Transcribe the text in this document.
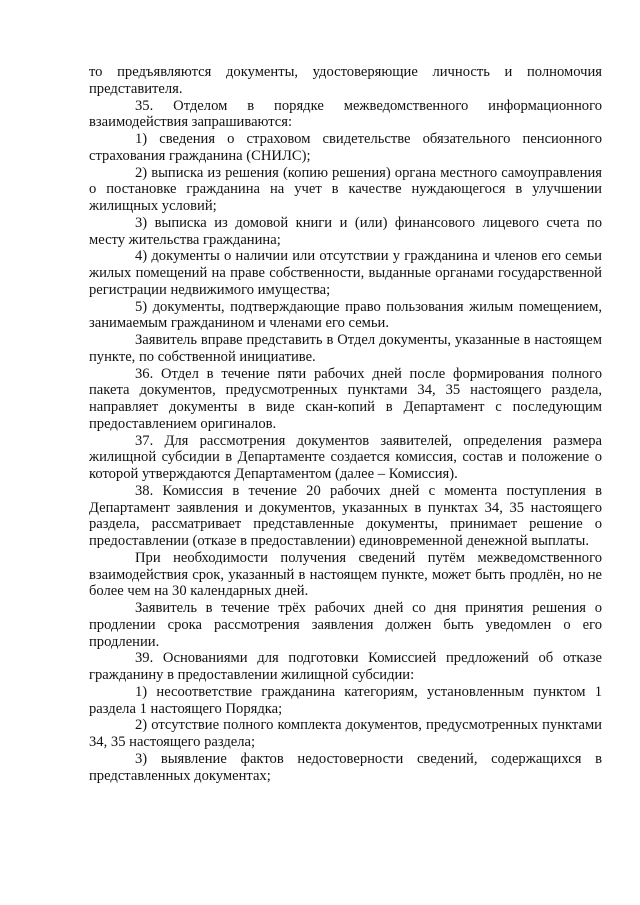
то предъявляются документы, удостоверяющие личность и полномочия представителя.

35. Отделом в порядке межведомственного информационного взаимодействия запрашиваются:

1) сведения о страховом свидетельстве обязательного пенсионного страхования гражданина (СНИЛС);

2) выписка из решения (копию решения) органа местного самоуправления о постановке гражданина на учет в качестве нуждающегося в улучшении жилищных условий;

3) выписка из домовой книги и (или) финансового лицевого счета по месту жительства гражданина;

4) документы о наличии или отсутствии у гражданина и членов его семьи жилых помещений на праве собственности, выданные органами государственной регистрации недвижимого имущества;

5) документы, подтверждающие право пользования жилым помещением, занимаемым гражданином и членами его семьи.

Заявитель вправе представить в Отдел документы, указанные в настоящем пункте, по собственной инициативе.

36. Отдел в течение пяти рабочих дней после формирования полного пакета документов, предусмотренных пунктами 34, 35 настоящего раздела, направляет документы в виде скан-копий в Департамент с последующим предоставлением оригиналов.

37. Для рассмотрения документов заявителей, определения размера жилищной субсидии в Департаменте создается комиссия, состав и положение о которой утверждаются Департаментом (далее – Комиссия).

38. Комиссия в течение 20 рабочих дней с момента поступления в Департамент заявления и документов, указанных в пунктах 34, 35 настоящего раздела, рассматривает представленные документы, принимает решение о предоставлении (отказе в предоставлении) единовременной денежной выплаты.

При необходимости получения сведений путём межведомственного взаимодействия срок, указанный в настоящем пункте, может быть продлён, но не более чем на 30 календарных дней.

Заявитель в течение трёх рабочих дней со дня принятия решения о продлении срока рассмотрения заявления должен быть уведомлен о его продлении.

39. Основаниями для подготовки Комиссией предложений об отказе гражданину в предоставлении жилищной субсидии:

1) несоответствие гражданина категориям, установленным пунктом 1 раздела 1 настоящего Порядка;

2) отсутствие полного комплекта документов, предусмотренных пунктами 34, 35 настоящего раздела;

3) выявление фактов недостоверности сведений, содержащихся в представленных документах;
